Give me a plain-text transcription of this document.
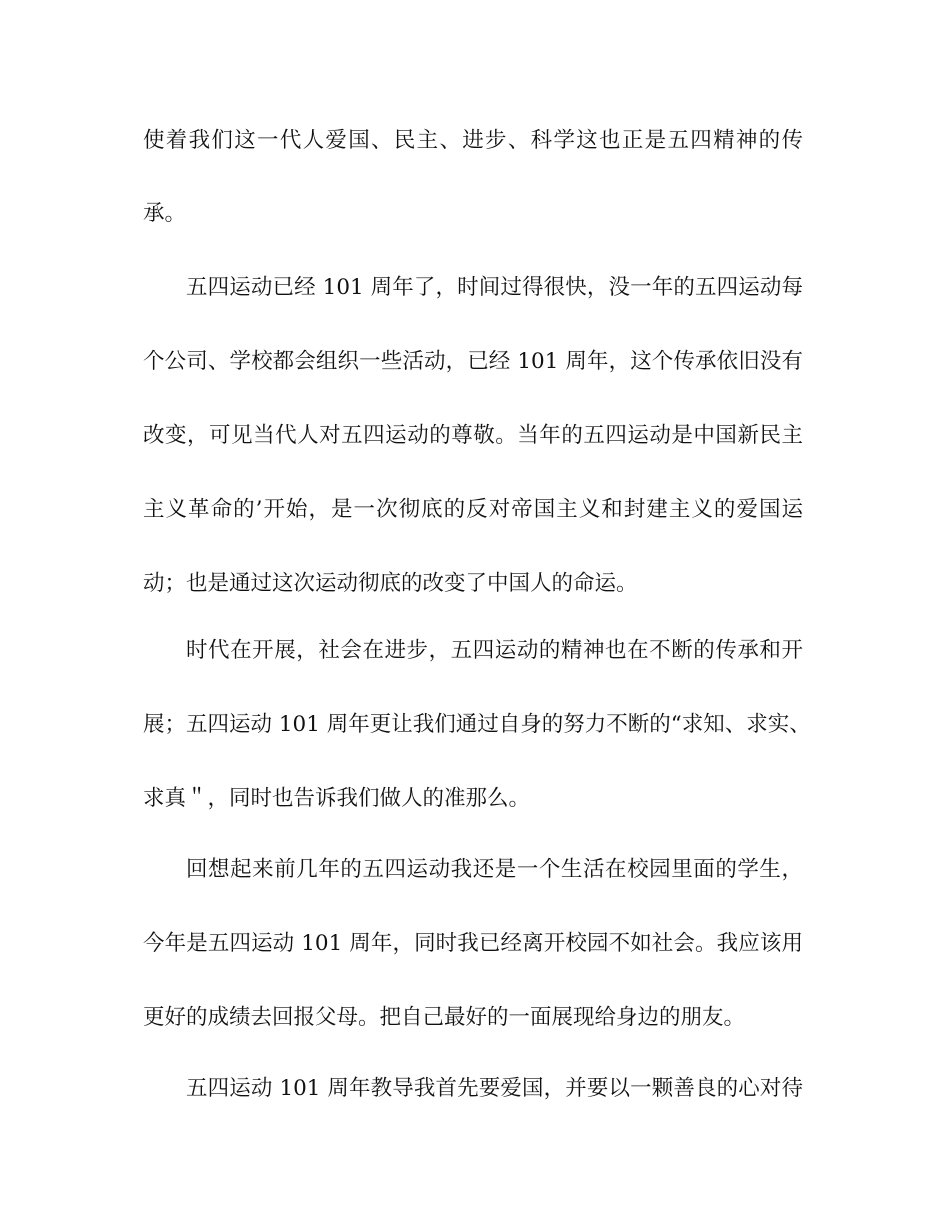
使着我们这一代人爱国、民主、进步、科学这也正是五四精神的传
承。
五四运动已经 101 周年了，时间过得很快，没一年的五四运动每
个公司、学校都会组织一些活动，已经 101 周年，这个传承依旧没有
改变，可见当代人对五四运动的尊敬。当年的五四运动是中国新民主
主义革命的’开始，是一次彻底的反对帝国主义和封建主义的爱国运
动；也是通过这次运动彻底的改变了中国人的命运。
时代在开展，社会在进步，五四运动的精神也在不断的传承和开
展；五四运动 101 周年更让我们通过自身的努力不断的“求知、求实、
求真＂，同时也告诉我们做人的准那么。
回想起来前几年的五四运动我还是一个生活在校园里面的学生，
今年是五四运动 101 周年，同时我已经离开校园不如社会。我应该用
更好的成绩去回报父母。把自己最好的一面展现给身边的朋友。
五四运动 101 周年教导我首先要爱国，并要以一颗善良的心对待
